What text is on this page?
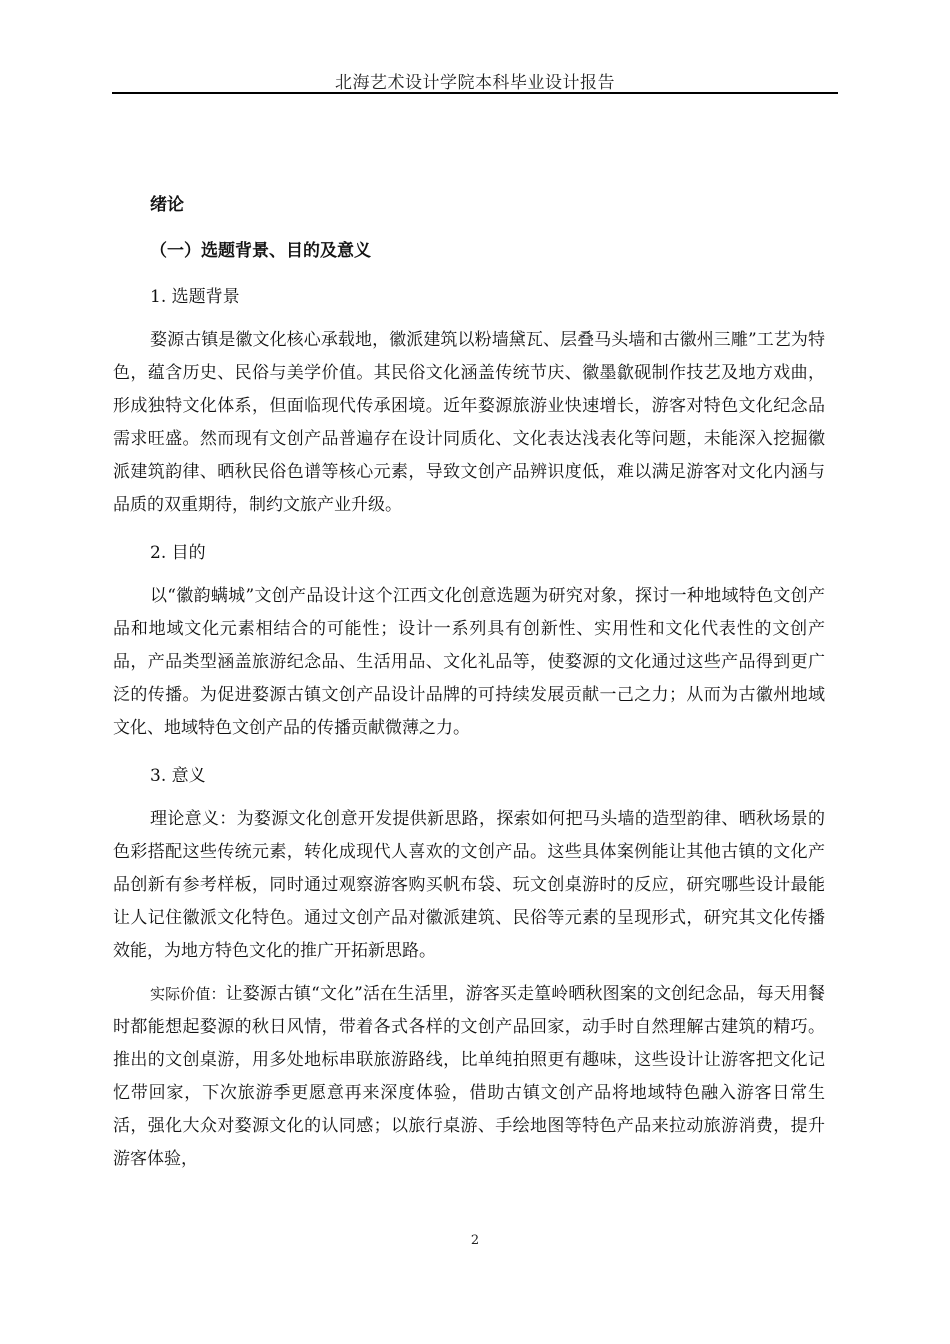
北海艺术设计学院本科毕业设计报告

绪论

（一）选题背景、目的及意义

1. 选题背景

婺源古镇是徽文化核心承载地，徽派建筑以粉墙黛瓦、层叠马头墙和古徽州三雕”工艺为特色，蕴含历史、民俗与美学价值。其民俗文化涵盖传统节庆、徽墨歙砚制作技艺及地方戏曲，形成独特文化体系，但面临现代传承困境。近年婺源旅游业快速增长，游客对特色文化纪念品需求旺盛。然而现有文创产品普遍存在设计同质化、文化表达浅表化等问题，未能深入挖掘徽派建筑韵律、晒秋民俗色谱等核心元素，导致文创产品辨识度低，难以满足游客对文化内涵与品质的双重期待，制约文旅产业升级。

2. 目的

以“徽韵螨城”文创产品设计这个江西文化创意选题为研究对象，探讨一种地域特色文创产品和地域文化元素相结合的可能性；设计一系列具有创新性、实用性和文化代表性的文创产品，产品类型涵盖旅游纪念品、生活用品、文化礼品等，使婺源的文化通过这些产品得到更广泛的传播。为促进婺源古镇文创产品设计品牌的可持续发展贡献一己之力；从而为古徽州地域文化、地域特色文创产品的传播贡献微薄之力。

3. 意义

理论意义：为婺源文化创意开发提供新思路，探索如何把马头墙的造型韵律、晒秋场景的色彩搭配这些传统元素，转化成现代人喜欢的文创产品。这些具体案例能让其他古镇的文化产品创新有参考样板，同时通过观察游客购买帆布袋、玩文创桌游时的反应，研究哪些设计最能让人记住徽派文化特色。通过文创产品对徽派建筑、民俗等元素的呈现形式，研究其文化传播效能，为地方特色文化的推广开拓新思路。

实际价值：让婺源古镇“文化”活在生活里，游客买走篁岭晒秋图案的文创纪念品，每天用餐时都能想起婺源的秋日风情，带着各式各样的文创产品回家，动手时自然理解古建筑的精巧。推出的文创桌游，用多处地标串联旅游路线，比单纯拍照更有趣味，这些设计让游客把文化记忆带回家，下次旅游季更愿意再来深度体验，借助古镇文创产品将地域特色融入游客日常生活，强化大众对婺源文化的认同感；以旅行桌游、手绘地图等特色产品来拉动旅游消费，提升游客体验，

2
